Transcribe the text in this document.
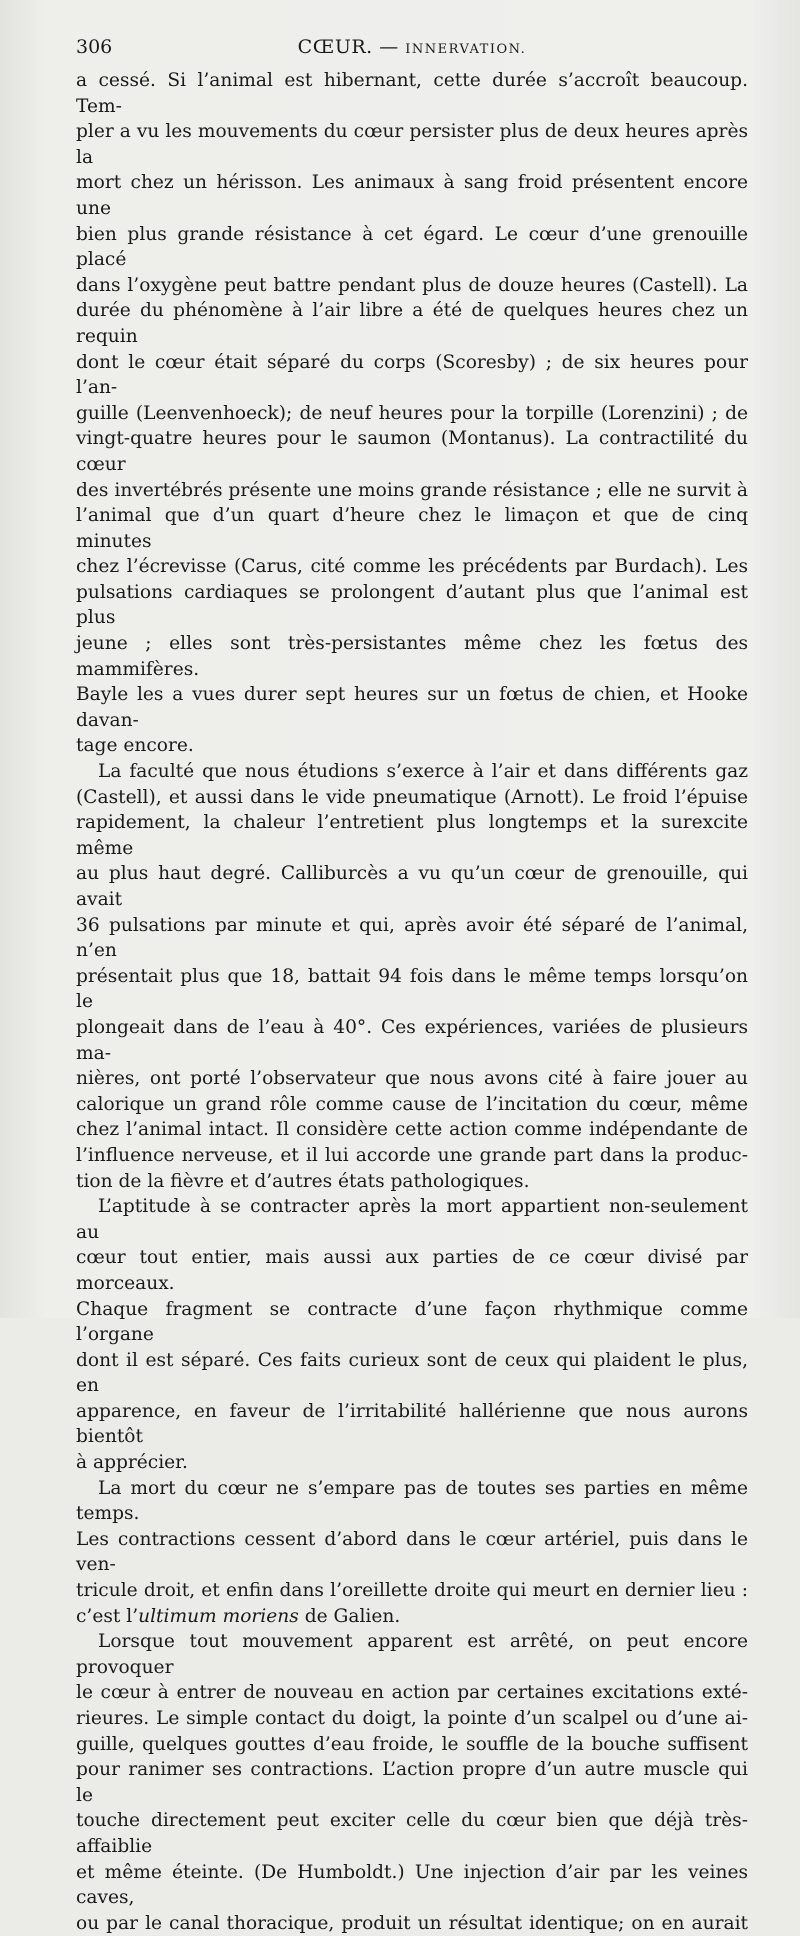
306	CŒUR. — INNERVATION.

a cessé. Si l’animal est hibernant, cette durée s’accroît beaucoup. Tem-

pler a vu les mouvements du cœur persister plus de deux heures après la

mort chez un hérisson. Les animaux à sang froid présentent encore une

bien plus grande résistance à cet égard. Le cœur d’une grenouille placé

dans l’oxygène peut battre pendant plus de douze heures (Castell). La

durée du phénomène à l’air libre a été de quelques heures chez un requin

dont le cœur était séparé du corps (Scoresby) ; de six heures pour l’an-

guille (Leenvenhoeck); de neuf heures pour la torpille (Lorenzini) ; de

vingt-quatre heures pour le saumon (Montanus). La contractilité du cœur

des invertébrés présente une moins grande résistance ; elle ne survit à

l’animal que d’un quart d’heure chez le limaçon et que de cinq minutes

chez l’écrevisse (Carus, cité comme les précédents par Burdach). Les

pulsations cardiaques se prolongent d’autant plus que l’animal est plus

jeune ; elles sont très-persistantes même chez les fœtus des mammifères.

Bayle les a vues durer sept heures sur un fœtus de chien, et Hooke davan-

tage encore.

La faculté que nous étudions s’exerce à l’air et dans différents gaz

(Castell), et aussi dans le vide pneumatique (Arnott). Le froid l’épuise

rapidement, la chaleur l’entretient plus longtemps et la surexcite même

au plus haut degré. Calliburcès a vu qu’un cœur de grenouille, qui avait

36 pulsations par minute et qui, après avoir été séparé de l’animal, n’en

présentait plus que 18, battait 94 fois dans le même temps lorsqu’on le

plongeait dans de l’eau à 40°. Ces expériences, variées de plusieurs ma-

nières, ont porté l’observateur que nous avons cité à faire jouer au

calorique un grand rôle comme cause de l’incitation du cœur, même

chez l’animal intact. Il considère cette action comme indépendante de

l’influence nerveuse, et il lui accorde une grande part dans la produc-

tion de la fièvre et d’autres états pathologiques.

L’aptitude à se contracter après la mort appartient non-seulement au

cœur tout entier, mais aussi aux parties de ce cœur divisé par morceaux.

Chaque fragment se contracte d’une façon rhythmique comme l’organe

dont il est séparé. Ces faits curieux sont de ceux qui plaident le plus, en

apparence, en faveur de l’irritabilité hallérienne que nous aurons bientôt

à apprécier.

La mort du cœur ne s’empare pas de toutes ses parties en même temps.

Les contractions cessent d’abord dans le cœur artériel, puis dans le ven-

tricule droit, et enfin dans l’oreillette droite qui meurt en dernier lieu :

c’est l’ultimum moriens de Galien.

Lorsque tout mouvement apparent est arrêté, on peut encore provoquer

le cœur à entrer de nouveau en action par certaines excitations exté-

rieures. Le simple contact du doigt, la pointe d’un scalpel ou d’une ai-

guille, quelques gouttes d’eau froide, le souffle de la bouche suffisent

pour ranimer ses contractions. L’action propre d’un autre muscle qui le

touche directement peut exciter celle du cœur bien que déjà très-affaiblie

et même éteinte. (De Humboldt.) Une injection d’air par les veines caves,

ou par le canal thoracique, produit un résultat identique; on en aurait
